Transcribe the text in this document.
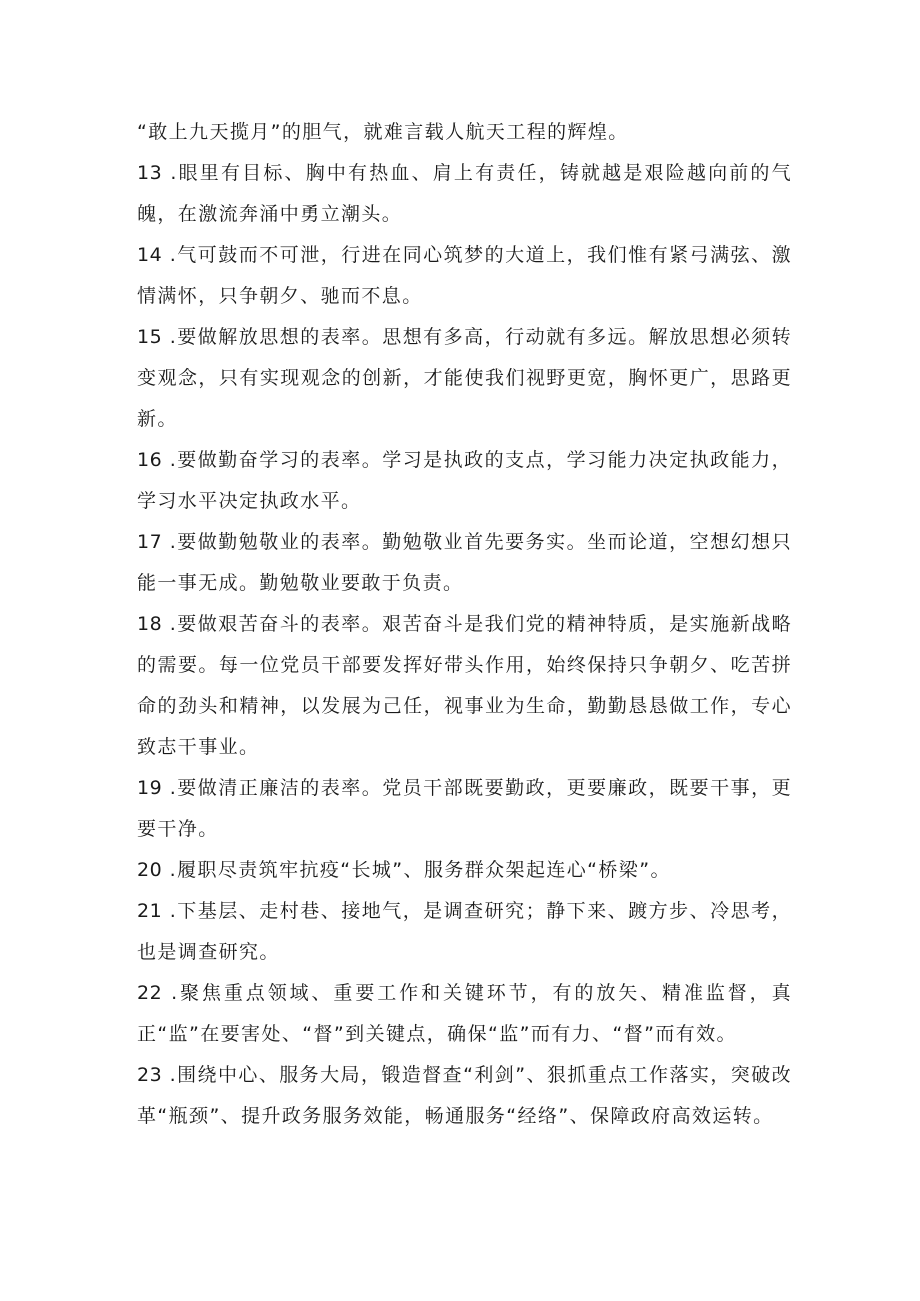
“敢上九天揽月”的胆气，就难言载人航天工程的辉煌。

13 .眼里有目标、胸中有热血、肩上有责任，铸就越是艰险越向前的气魄，在激流奔涌中勇立潮头。

14 .气可鼓而不可泄，行进在同心筑梦的大道上，我们惟有紧弓满弦、激情满怀，只争朝夕、驰而不息。

15 .要做解放思想的表率。思想有多高，行动就有多远。解放思想必须转变观念，只有实现观念的创新，才能使我们视野更宽，胸怀更广，思路更新。

16 .要做勤奋学习的表率。学习是执政的支点，学习能力决定执政能力，学习水平决定执政水平。

17 .要做勤勉敬业的表率。勤勉敬业首先要务实。坐而论道，空想幻想只能一事无成。勤勉敬业要敢于负责。

18 .要做艰苦奋斗的表率。艰苦奋斗是我们党的精神特质，是实施新战略的需要。每一位党员干部要发挥好带头作用，始终保持只争朝夕、吃苦拼命的劲头和精神，以发展为己任，视事业为生命，勤勤恳恳做工作，专心致志干事业。

19 .要做清正廉洁的表率。党员干部既要勤政，更要廉政，既要干事，更要干净。

20 .履职尽责筑牢抗疫“长城”、服务群众架起连心“桥梁”。

21 .下基层、走村巷、接地气，是调查研究；静下来、踱方步、冷思考，也是调查研究。

22 .聚焦重点领域、重要工作和关键环节，有的放矢、精准监督，真正“监”在要害处、“督”到关键点，确保“监”而有力、“督”而有效。

23 .围绕中心、服务大局，锻造督查“利剑”、狠抓重点工作落实，突破改革“瓶颈”、提升政务服务效能，畅通服务“经络”、保障政府高效运转。
